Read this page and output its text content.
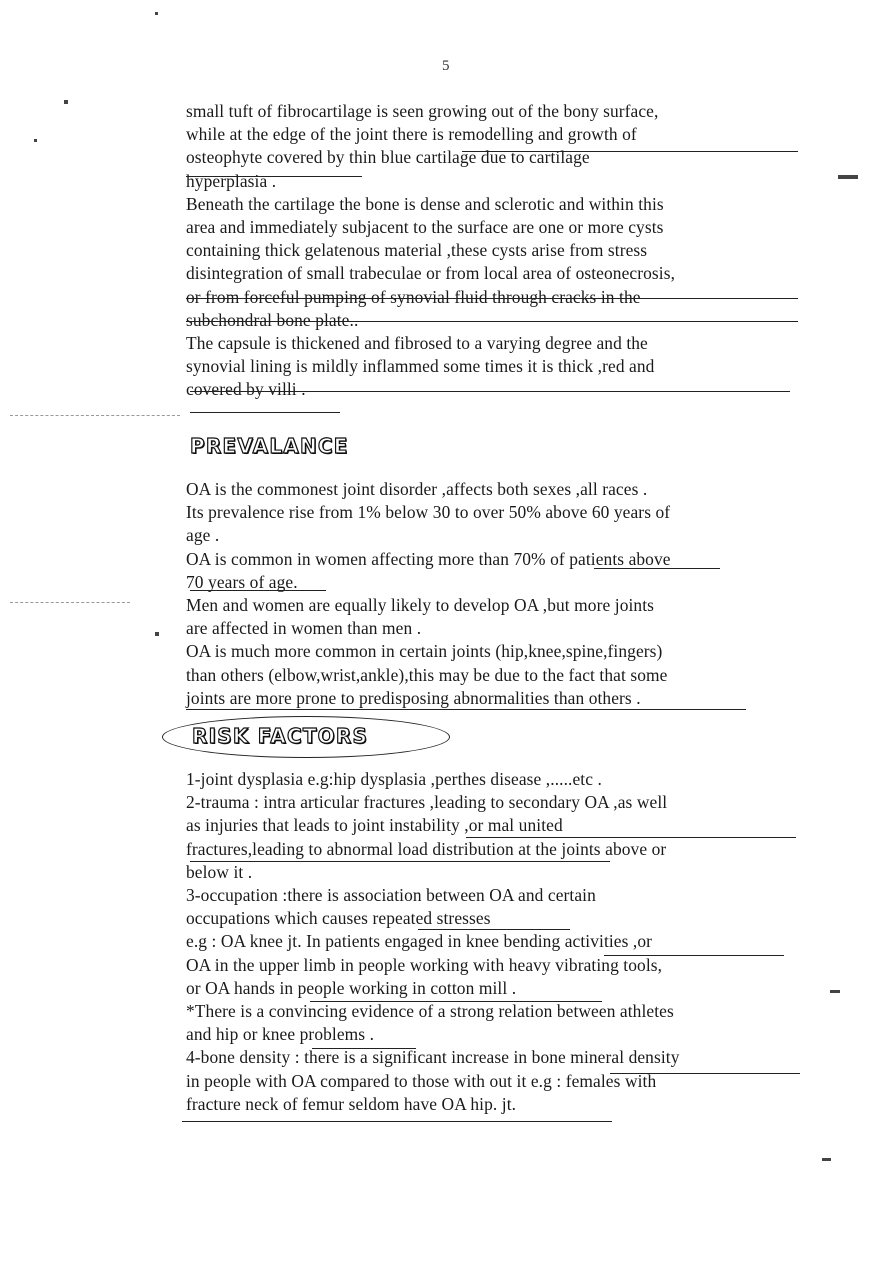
5

small tuft of fibrocartilage is seen growing out of the bony surface,
while at the edge of the joint there is remodelling and growth of
osteophyte covered by thin blue cartilage due to cartilage
hyperplasia .

Beneath the cartilage the bone is dense and sclerotic and within this
area and immediately subjacent to the surface are one or more cysts
containing thick gelatenous material ,these cysts arise from stress
disintegration of small trabeculae or from local area of osteonecrosis,
or from forceful pumping of synovial fluid through cracks in the
subchondral bone plate..

The capsule is thickened and fibrosed to a varying degree and the
synovial lining is mildly inflammed some times it is thick ,red and
covered by villi .

PREVALANCE

OA is the commonest joint disorder ,affects both sexes ,all races .

Its prevalence rise from 1% below 30 to over 50% above 60 years of
age .

OA is common in women affecting more than 70% of patients above
70 years of age.

Men and women are equally likely to develop OA ,but more joints
are affected in women than men .

OA is much more common in certain joints (hip,knee,spine,fingers)
than others (elbow,wrist,ankle),this may be due to the fact that some
joints are more prone to predisposing abnormalities than others .

RISK FACTORS

1-joint dysplasia e.g:hip dysplasia ,perthes disease ,.....etc .

2-trauma : intra articular fractures ,leading to secondary OA ,as well
as injuries that leads to joint instability ,or mal united
fractures,leading to abnormal load distribution at the joints above or
below it .

3-occupation :there is association between OA and certain
occupations which causes repeated stresses

e.g : OA knee jt. In patients engaged in knee bending activities ,or
OA in the upper limb in people working with heavy vibrating tools,
or OA hands in people working in cotton mill .

*There is a convincing evidence of a strong relation between athletes
and hip or knee problems .

4-bone density : there is a significant increase in bone mineral density
in people with OA compared to those with out it e.g : females with
fracture neck of femur seldom have OA hip. jt.
